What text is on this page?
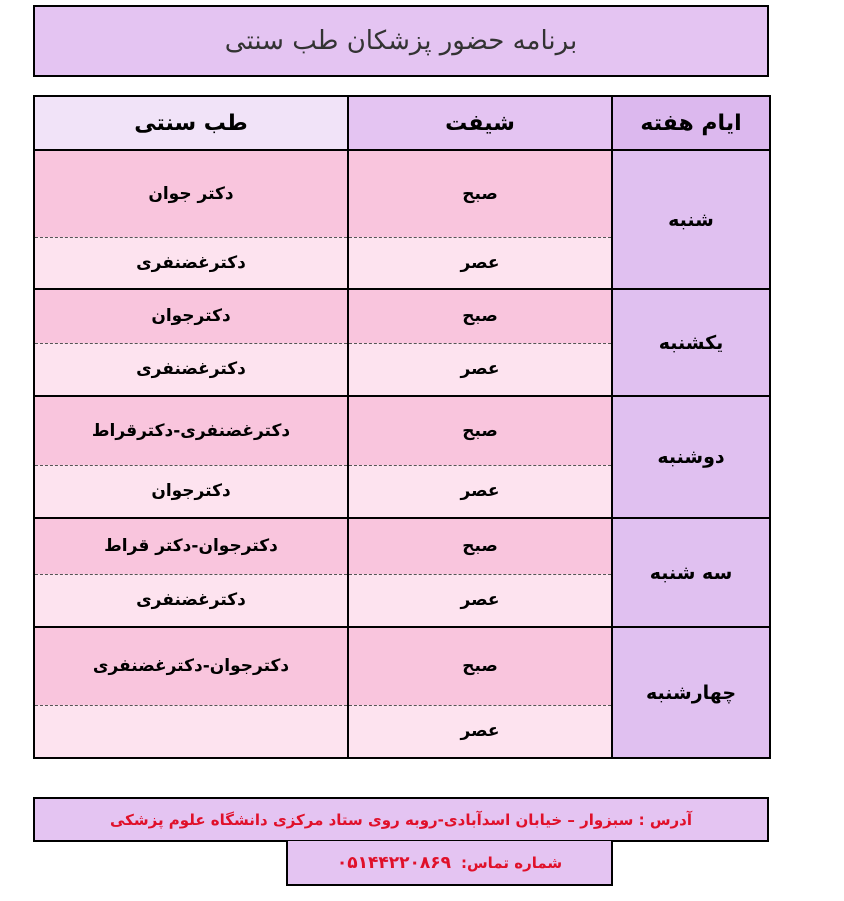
برنامه حضور پزشکان طب سنتی
طب سنتی	شیفت	ایام هفته
دکتر جوان	صبح	شنبه
دکترغضنفری	عصر	
دکترجوان	صبح	یکشنبه
دکترغضنفری	عصر	
دکترغضنفری-دکترقراط	صبح	دوشنبه
دکترجوان	عصر	
دکترجوان-دکتر قراط	صبح	سه شنبه
دکترغضنفری	عصر	
دکترجوان-دکترغضنفری	صبح	چهارشنبه
	عصر	
آدرس : سبزوار – خیابان اسدآبادی-روبه روی ستاد مرکزی دانشگاه علوم پزشکی
شماره تماس:
۰۵۱۴۴۲۲۰۸۶۹
